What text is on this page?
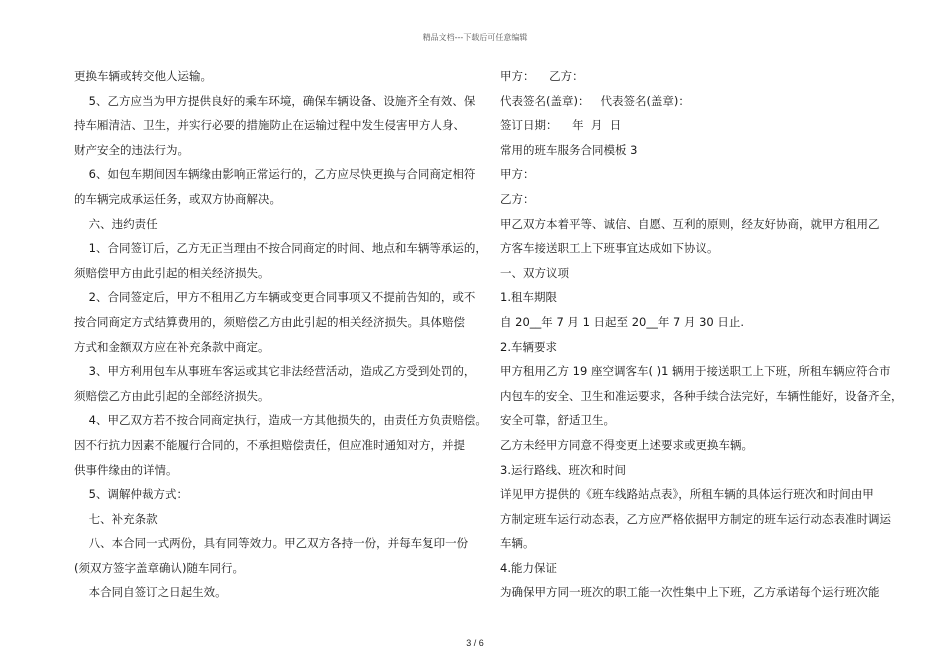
精品文档---下载后可任意编辑
更换车辆或转交他人运输。
5、乙方应当为甲方提供良好的乘车环境，确保车辆设备、设施齐全有效、保
持车厢清洁、卫生，并实行必要的措施防止在运输过程中发生侵害甲方人身、
财产安全的违法行为。
6、如包车期间因车辆缘由影响正常运行的，乙方应尽快更换与合同商定相符
的车辆完成承运任务，或双方协商解决。
六、违约责任
1、合同签订后，乙方无正当理由不按合同商定的时间、地点和车辆等承运的，
须赔偿甲方由此引起的相关经济损失。
2、合同签定后，甲方不租用乙方车辆或变更合同事项又不提前告知的，或不
按合同商定方式结算费用的，须赔偿乙方由此引起的相关经济损失。具体赔偿
方式和金额双方应在补充条款中商定。
3、甲方利用包车从事班车客运或其它非法经营活动，造成乙方受到处罚的，
须赔偿乙方由此引起的全部经济损失。
4、甲乙双方若不按合同商定执行，造成一方其他损失的，由责任方负责赔偿。
因不行抗力因素不能履行合同的，不承担赔偿责任，但应准时通知对方，并提
供事件缘由的详情。
5、调解仲裁方式：
七、补充条款
八、本合同一式两份，具有同等效力。甲乙双方各持一份，并每车复印一份
(须双方签字盖章确认)随车同行。
本合同自签订之日起生效。
甲方：    乙方：
代表签名(盖章)：   代表签名(盖章)：
签订日期：    年  月  日
常用的班车服务合同模板 3
甲方：
乙方：
甲乙双方本着平等、诚信、自愿、互利的原则，经友好协商，就甲方租用乙
方客车接送职工上下班事宜达成如下协议。
一、双方议项
1.租车期限
自 20__年 7 月 1 日起至 20__年 7 月 30 日止.
2.车辆要求
甲方租用乙方 19 座空调客车( )1 辆用于接送职工上下班，所租车辆应符合市
内包车的安全、卫生和准运要求，各种手续合法完好，车辆性能好，设备齐全，
安全可靠，舒适卫生。
乙方未经甲方同意不得变更上述要求或更换车辆。
3.运行路线、班次和时间
详见甲方提供的《班车线路站点表》，所租车辆的具体运行班次和时间由甲
方制定班车运行动态表，乙方应严格依据甲方制定的班车运行动态表准时调运
车辆。
4.能力保证
为确保甲方同一班次的职工能一次性集中上下班，乙方承诺每个运行班次能
3 / 6
